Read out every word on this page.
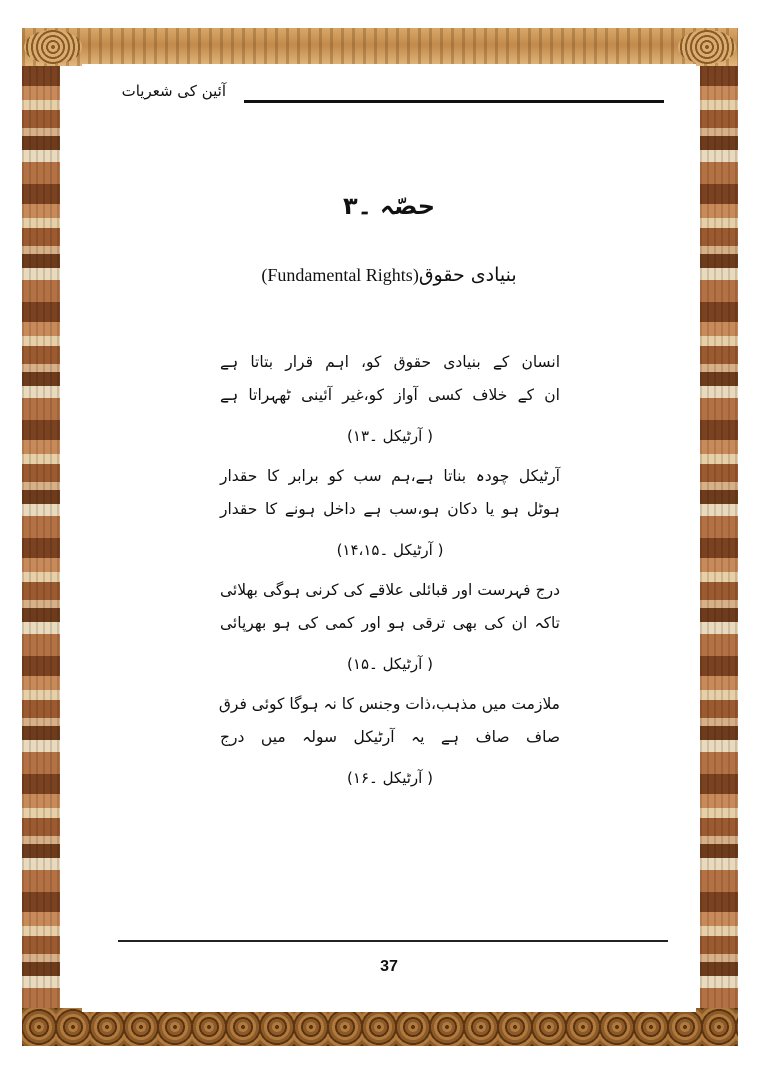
آئین کی شعریات
حصّہ ۔۳
(Fundamental Rights)بنیادی حقوق
انسان کے بنیادی حقوق کو، اہم قرار بتاتا ہے
ان کے خلاف کسی آواز کو،غیر آئینی ٹھہراتا ہے
( آرٹیکل ۔۱۳)
آرٹیکل چودہ بناتا ہے،ہم سب کو برابر کا حقدار
ہوٹل ہو یا دکان ہو،سب ہے داخل ہونے کا حقدار
( آرٹیکل ۔۱۴،۱۵)
درج فہرست اور قبائلی علاقے کی کرنی ہوگی بھلائی
تاکہ ان کی بھی ترقی ہو اور کمی کی ہو بھرپائی
( آرٹیکل ۔۱۵)
ملازمت میں مذہب،ذات وجنس کا نہ ہوگا کوئی فرق
صاف صاف ہے یہ آرٹیکل سولہ میں درج
( آرٹیکل ۔۱۶)
37
